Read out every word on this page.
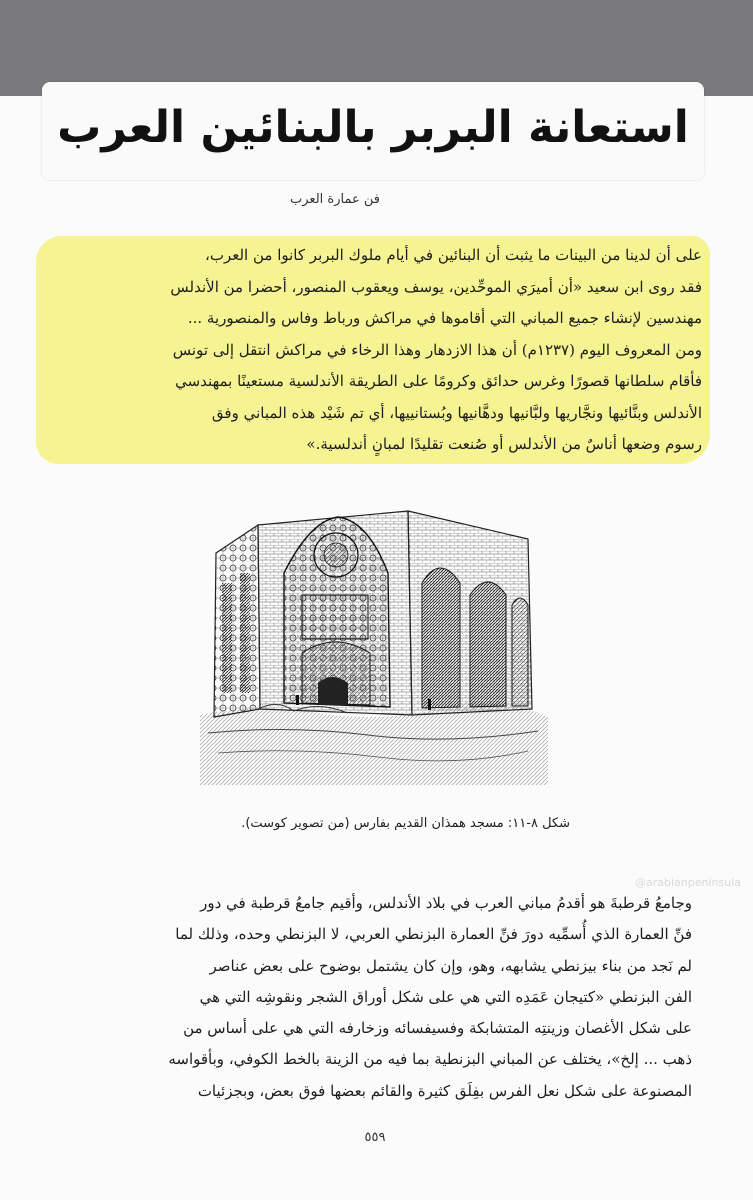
استعانة البربر بالبنائين العرب
فن عمارة العرب

على أن لدينا من البينات ما يثبت أن البنائين في أيام ملوك البربر كانوا من العرب،
فقد روى ابن سعيد «أن أميرَي الموحِّدين، يوسف ويعقوب المنصور، أحضرا من الأندلس
مهندسين لإنشاء جميع المباني التي أقاموها في مراكش ورباط وفاس والمنصورية ...
ومن المعروف اليوم (١٢٣٧م) أن هذا الازدهار وهذا الرخاء في مراكش انتقل إلى تونس
فأقام سلطانها قصورًا وغرس حدائق وكرومًا على الطريقة الأندلسية مستعينًا بمهندسي
الأندلس وبنَّائيها ونجَّاريها ولبَّانيها ودهَّانيها وبُستانييها، أي تم شَيْد هذه المباني وفق
رسوم وضعها أناسٌ من الأندلس أو صُنعت تقليدًا لمبانٍ أندلسية.»

شكل ٨-١١: مسجد همذان القديم بفارس (من تصوير كوست).
@arabianpeninsula

وجامعُ قرطبةَ هو أقدمُ مباني العرب في بلاد الأندلس، وأقيم جامعُ قرطبة في دور
فنِّ العمارة الذي أُسمِّيه دورَ فنِّ العمارة البزنطي العربي، لا البزنطي وحده، وذلك لما
لم نَجد من بناء بيزنطي يشابهه، وهو، وإن كان يشتمل بوضوح على بعض عناصر
الفن البزنطي «كتيجان عَمَدِه التي هي على شكل أوراق الشجر ونقوشِه التي هي
على شكل الأغصان وزينتِه المتشابكة وفسيفسائه وزخارفه التي هي على أساس من
ذهب ... إلخ»، يختلف عن المباني البزنطية بما فيه من الزينة بالخط الكوفي، وبأقواسه
المصنوعة على شكل نعل الفرس بفِلَق كثيرة والقائم بعضها فوق بعض، وبجزئيات

٥٥٩
